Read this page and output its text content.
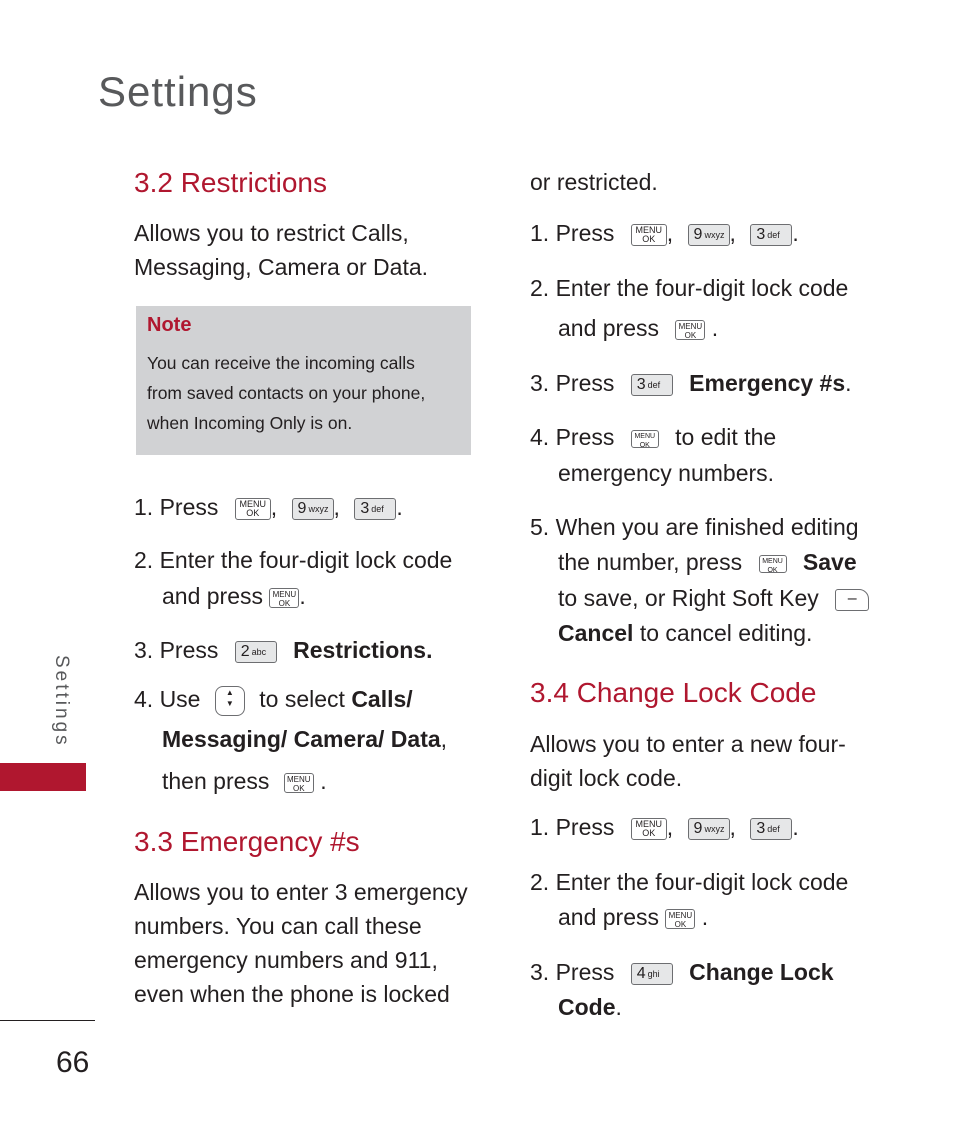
Settings
3.2 Restrictions
Allows you to restrict Calls,
Messaging, Camera or Data.
Note
You can receive the incoming calls
from saved contacts on your phone,
when Incoming Only is on.
1. Press	MENU
OK , 9 $^{wxyz}$ , 3 $^{def}$ .
2. Enter the four-digit lock code
and press MENU
OK .
3. Press 2 $^{abc}$ Restrictions.
4. Use	▲
▼	to select Calls/
Messaging/ Camera/ Data,
then press MENU
OK .
3.3 Emergency #s
Allows you to enter 3 emergency
numbers. You can call these
emergency numbers and 911,
even when the phone is locked
or restricted.
1. Press	MENU
OK , 9 $^{wxyz}$ , 3 $^{def}$ .
2. Enter the four-digit lock code
and press MENU
OK .
3. Press 3 $^{def}$ Emergency #s.
4. Press	MENU
OK	to edit the
emergency numbers.
5. When you are finished editing
the number, press	MENU
OK	Save
to save, or Right Soft Key –
Cancel to cancel editing.
3.4 Change Lock Code
Allows you to enter a new four-
digit lock code.
1. Press	MENU
OK , 9 $^{wxyz}$ , 3 $^{def}$ .
2. Enter the four-digit lock code
and press MENU
OK .
3. Press 4 $^{ghi}$ Change Lock
Code.
Settings
66
